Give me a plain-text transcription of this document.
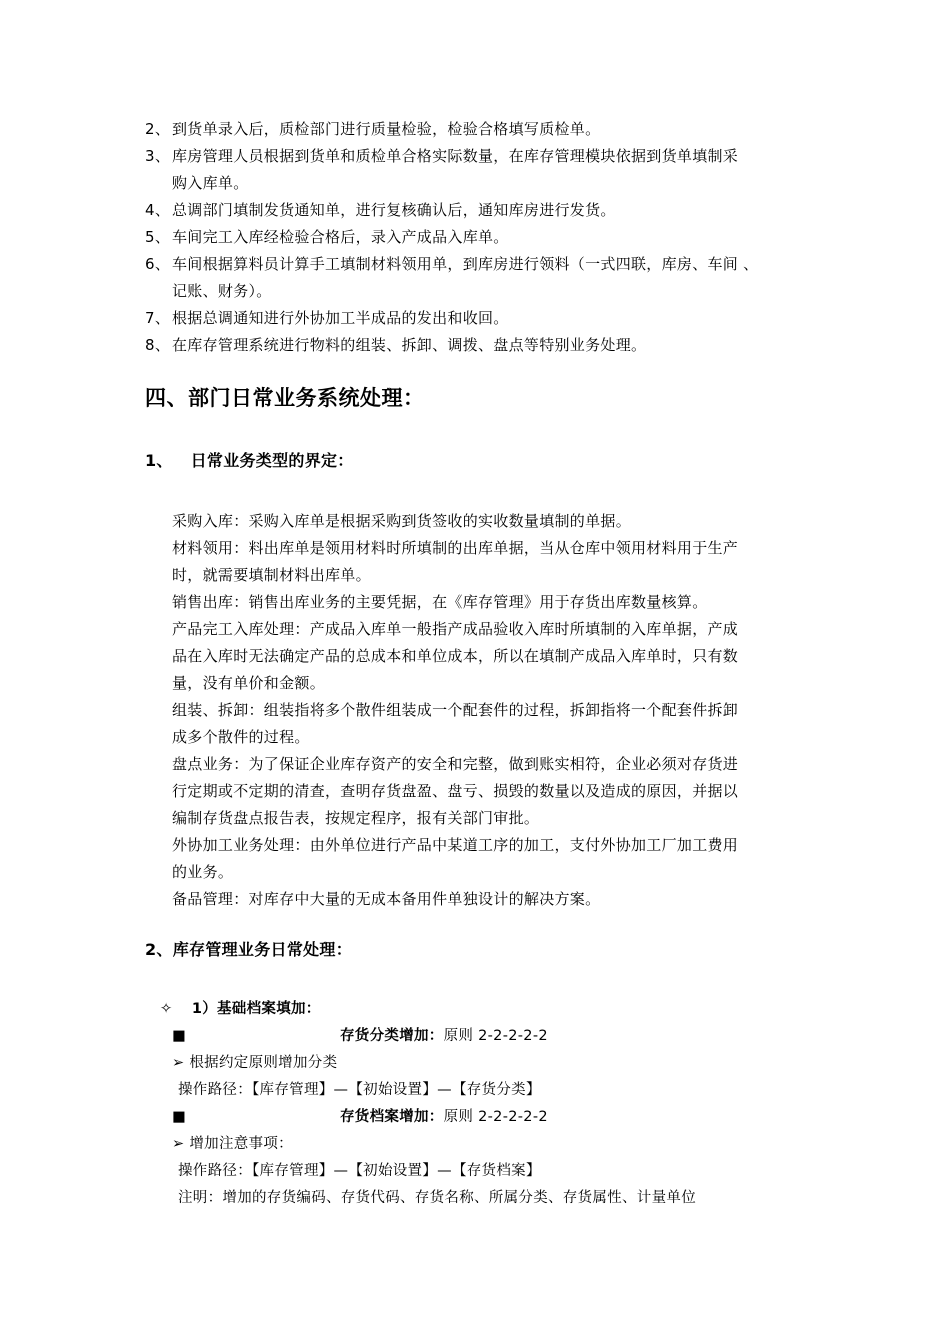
2、 到货单录入后，质检部门进行质量检验，检验合格填写质检单。
3、 库房管理人员根据到货单和质检单合格实际数量，在库存管理模块依据到货单填制采
购入库单。
4、 总调部门填制发货通知单，进行复核确认后，通知库房进行发货。
5、 车间完工入库经检验合格后，录入产成品入库单。
6、 车间根据算料员计算手工填制材料领用单，到库房进行领料（一式四联，库房、车间 、
记账、财务）。
7、 根据总调通知进行外协加工半成品的发出和收回。
8、 在库存管理系统进行物料的组装、拆卸、调拨、盘点等特别业务处理。
四、部门日常业务系统处理：
1、 日常业务类型的界定：
采购入库：采购入库单是根据采购到货签收的实收数量填制的单据。
材料领用：料出库单是领用材料时所填制的出库单据，当从仓库中领用材料用于生产
时，就需要填制材料出库单。
销售出库：销售出库业务的主要凭据，在《库存管理》用于存货出库数量核算。
产品完工入库处理：产成品入库单一般指产成品验收入库时所填制的入库单据，产成
品在入库时无法确定产品的总成本和单位成本，所以在填制产成品入库单时，只有数
量，没有单价和金额。
组装、拆卸：组装指将多个散件组装成一个配套件的过程，拆卸指将一个配套件拆卸
成多个散件的过程。
盘点业务：为了保证企业库存资产的安全和完整，做到账实相符，企业必须对存货进
行定期或不定期的清查，查明存货盘盈、盘亏、损毁的数量以及造成的原因，并据以
编制存货盘点报告表，按规定程序，报有关部门审批。
外协加工业务处理：由外单位进行产品中某道工序的加工，支付外协加工厂加工费用
的业务。
备品管理：对库存中大量的无成本备用件单独设计的解决方案。
2、库存管理业务日常处理：
✧ 1）基础档案填加：
■	存货分类增加：原则 2-2-2-2-2
➢ 根据约定原则增加分类
操作路径：【库存管理】—【初始设置】—【存货分类】
■	存货档案增加：原则 2-2-2-2-2
➢ 增加注意事项：
操作路径：【库存管理】—【初始设置】—【存货档案】
注明：增加的存货编码、存货代码、存货名称、所属分类、存货属性、计量单位
